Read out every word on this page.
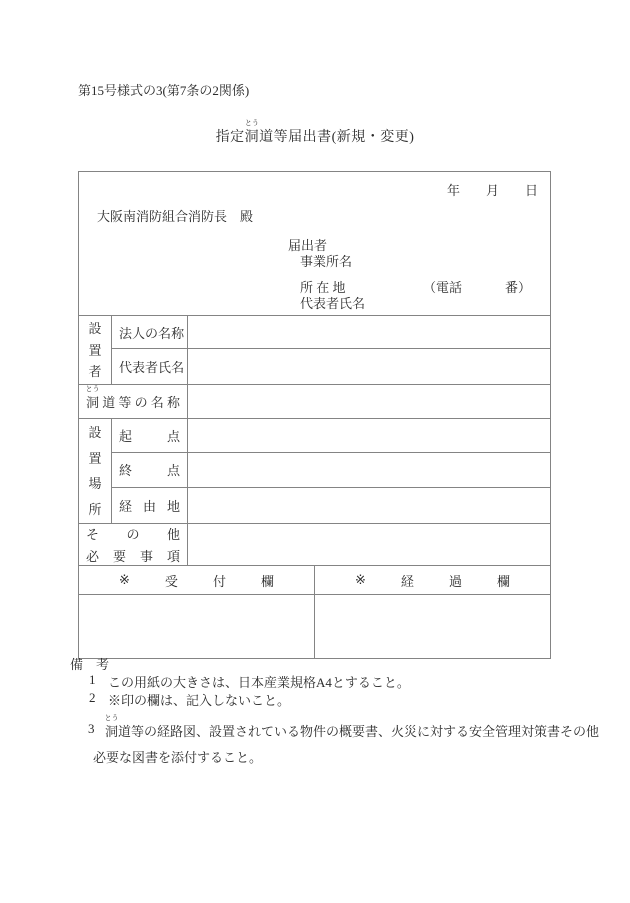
第15号様式の3(第7条の2関係)
指定
とう
洞道等届出書(新規・変更)
年 月 日
大阪南消防組合消防長　殿
届出者
事業所名
所 在 地	（電話	番）
代表者氏名

設
置
者	法 人 の 名 称		

	代 表 者 氏 名		

とう
洞 道 等 の 名 称

設
置
場
所	起 点		

	終 点		

	経 由 地		

そ の 他
必 要 事 項

※ 受 付 欄			※ 経 過 欄

備　考
1 この用紙の大きさは、日本産業規格A4とすること。
2 ※印の欄は、記入しないこと。
3
とう
洞道等の経路図、設置されている物件の概要書、火災に対する安全管理対策書その他
必要な図書を添付すること。
